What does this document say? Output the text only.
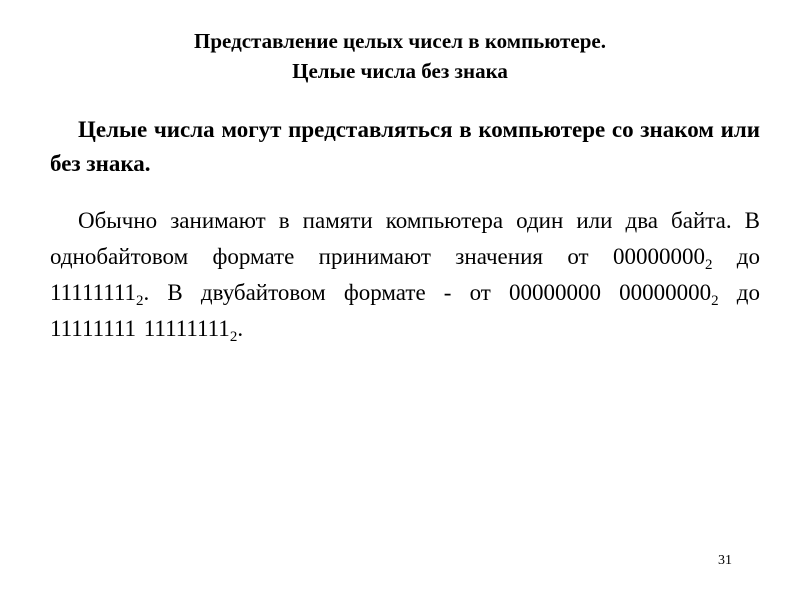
Представление целых чисел в компьютере.
Целые числа без знака
Целые числа могут представляться в компьютере со знаком или без знака.
Обычно занимают в памяти компьютера один или два байта. В однобайтовом формате принимают значения от $00000000_2$ до $11111111_2$. В двубайтовом формате - от 00000000 $00000000_2$ до 11111111 $11111111_2$.
31
